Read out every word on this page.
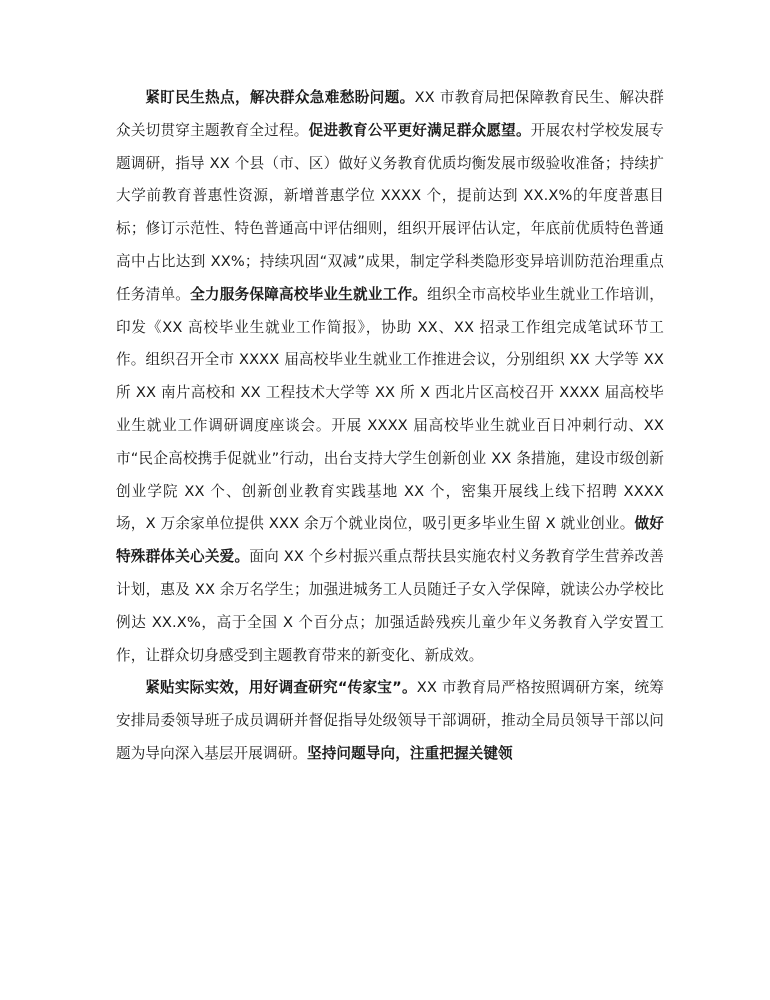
紧盯民生热点，解决群众急难愁盼问题。XX 市教育局把保障教育民生、解决群众关切贯穿主题教育全过程。促进教育公平更好满足群众愿望。开展农村学校发展专题调研，指导 XX 个县（市、区）做好义务教育优质均衡发展市级验收准备；持续扩大学前教育普惠性资源，新增普惠学位 XXXX 个，提前达到 XX.X%的年度普惠目标；修订示范性、特色普通高中评估细则，组织开展评估认定，年底前优质特色普通高中占比达到 XX%；持续巩固“双减”成果，制定学科类隐形变异培训防范治理重点任务清单。全力服务保障高校毕业生就业工作。组织全市高校毕业生就业工作培训，印发《XX 高校毕业生就业工作简报》，协助 XX、XX 招录工作组完成笔试环节工作。组织召开全市 XXXX 届高校毕业生就业工作推进会议，分别组织 XX 大学等 XX 所 XX 南片高校和 XX 工程技术大学等 XX 所 X 西北片区高校召开 XXXX 届高校毕业生就业工作调研调度座谈会。开展 XXXX 届高校毕业生就业百日冲刺行动、XX 市“民企高校携手促就业”行动，出台支持大学生创新创业 XX 条措施，建设市级创新创业学院 XX 个、创新创业教育实践基地 XX 个，密集开展线上线下招聘 XXXX 场，X 万余家单位提供 XXX 余万个就业岗位，吸引更多毕业生留 X 就业创业。做好特殊群体关心关爱。面向 XX 个乡村振兴重点帮扶县实施农村义务教育学生营养改善计划，惠及 XX 余万名学生；加强进城务工人员随迁子女入学保障，就读公办学校比例达 XX.X%，高于全国 X 个百分点；加强适龄残疾儿童少年义务教育入学安置工作，让群众切身感受到主题教育带来的新变化、新成效。

紧贴实际实效，用好调查研究“传家宝”。XX 市教育局严格按照调研方案，统筹安排局委领导班子成员调研并督促指导处级领导干部调研，推动全局员领导干部以问题为导向深入基层开展调研。坚持问题导向，注重把握关键领
